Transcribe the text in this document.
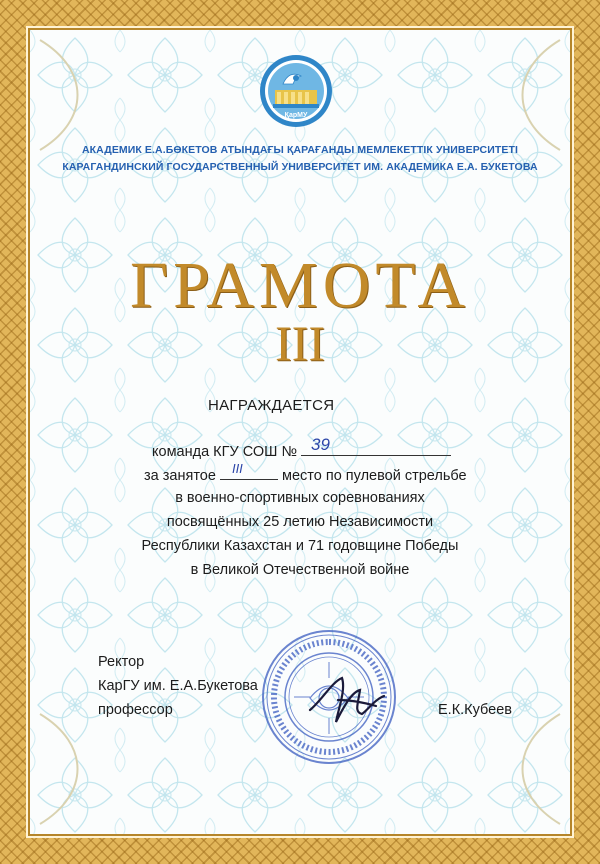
ҚарМУ
АКАДЕМИК Е.А.БӨКЕТОВ АТЫНДАҒЫ ҚАРАҒАНДЫ МЕМЛЕКЕТТІК УНИВЕРСИТЕТІ
КАРАГАНДИНСКИЙ ГОСУДАРСТВЕННЫЙ УНИВЕРСИТЕТ ИМ. АКАДЕМИКА Е.А. БУКЕТОВА
ГРАМОТА
III
НАГРАЖДАЕТСЯ
команда КГУ СОШ № 39
за занятое III	место по пулевой стрельбе
в военно-спортивных соревнованиях
посвящённых 25 летию Независимости
Республики Казахстан и 71 годовщине Победы
в Великой Отечественной войне
Ректор
КарГУ им. Е.А.Букетова
профессор	Е.К.Кубеев
